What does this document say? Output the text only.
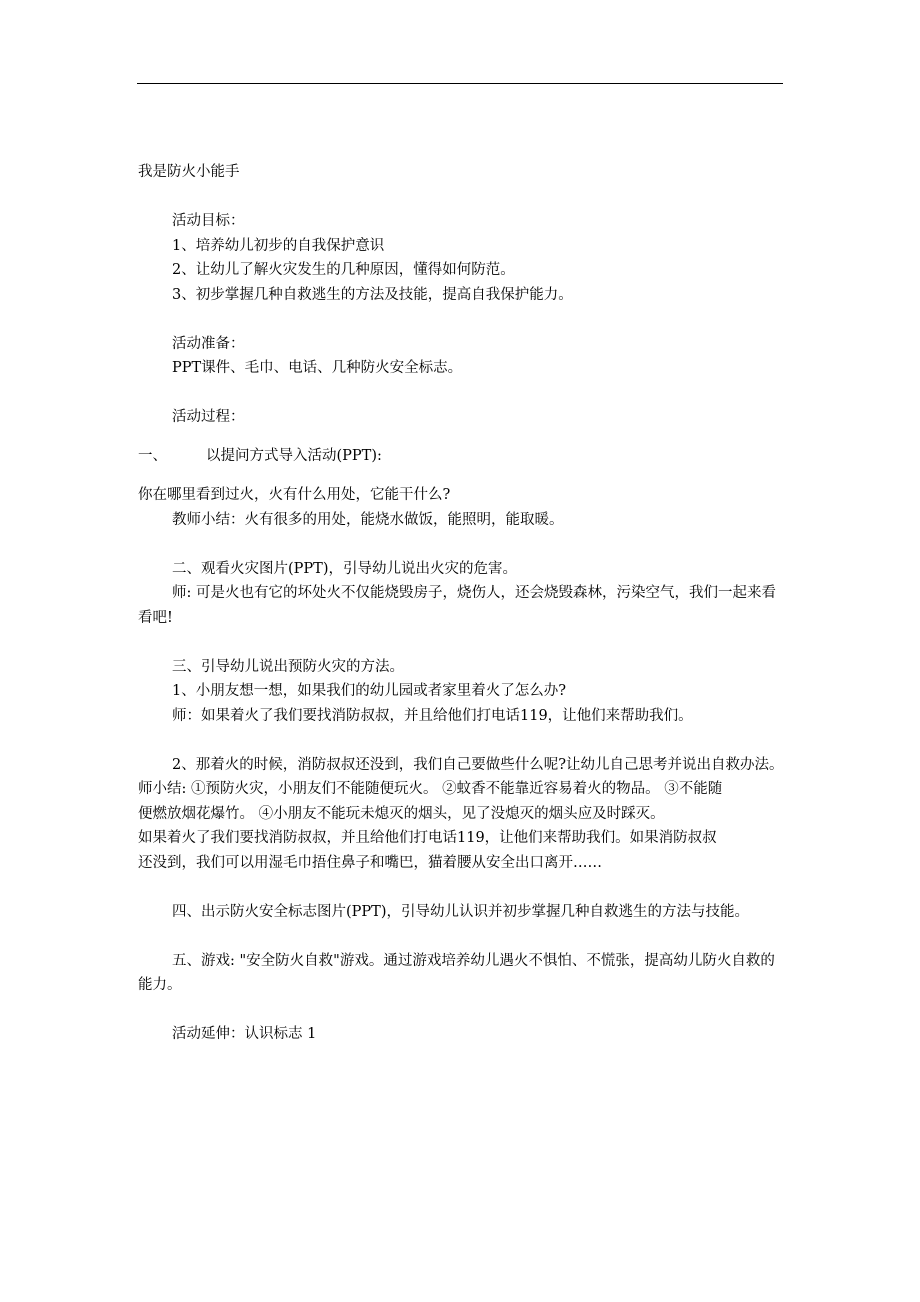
我是防火小能手

活动目标：

1、培养幼儿初步的自我保护意识

2、让幼儿了解火灾发生的几种原因，懂得如何防范。

3、初步掌握几种自救逃生的方法及技能，提高自我保护能力。

活动准备：

PPT课件、毛巾、电话、几种防火安全标志。

活动过程：

一、	以提问方式导入活动(PPT):

你在哪里看到过火，火有什么用处，它能干什么?

教师小结：火有很多的用处，能烧水做饭，能照明，能取暖。

二、观看火灾图片(PPT)，引导幼儿说出火灾的危害。

师: 可是火也有它的坏处火不仅能烧毁房子，烧伤人，还会烧毁森林，污染空气，我们一起来看看吧!

三、引导幼儿说出预防火灾的方法。

1、小朋友想一想，如果我们的幼儿园或者家里着火了怎么办?

师：如果着火了我们要找消防叔叔，并且给他们打电话119，让他们来帮助我们。

2、那着火的时候，消防叔叔还没到，我们自己要做些什么呢?让幼儿自己思考并说出自救办法。

师小结: ①预防火灾，小朋友们不能随便玩火。 ②蚊香不能靠近容易着火的物品。 ③不能随

便燃放烟花爆竹。 ④小朋友不能玩未熄灭的烟头，见了没熄灭的烟头应及时踩灭。

如果着火了我们要找消防叔叔，并且给他们打电话119，让他们来帮助我们。如果消防叔叔

还没到，我们可以用湿毛巾捂住鼻子和嘴巴，猫着腰从安全出口离开……

四、出示防火安全标志图片(PPT)，引导幼儿认识并初步掌握几种自救逃生的方法与技能。

五、游戏: "安全防火自救"游戏。通过游戏培养幼儿遇火不惧怕、不慌张，提高幼儿防火自救的能力。

活动延伸：认识标志 1
